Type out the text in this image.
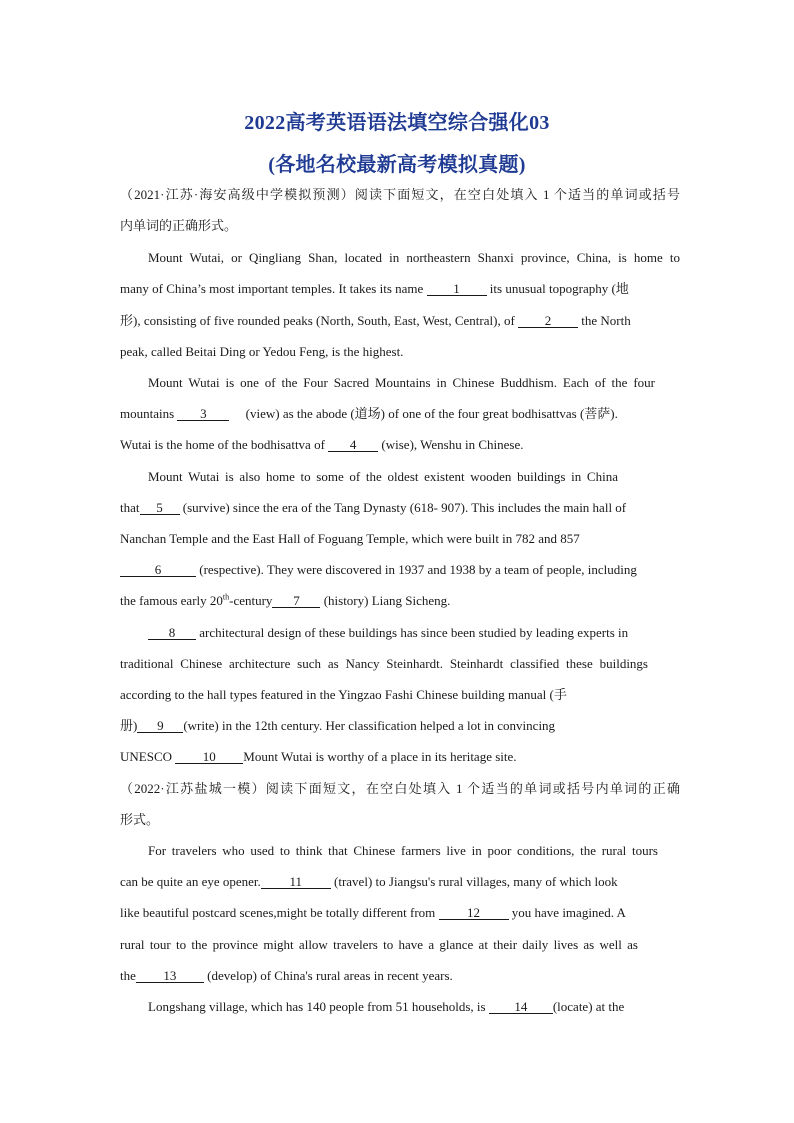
2022高考英语语法填空综合强化03
(各地名校最新高考模拟真题)
（2021·江苏·海安高级中学模拟预测）阅读下面短文，在空白处填入 1 个适当的单词或括号
内单词的正确形式。
Mount Wutai, or Qingliang Shan, located in northeastern Shanxi province, China, is home to
many of China’s most important temples. It takes its name 1 its unusual topography (地
形), consisting of five rounded peaks (North, South, East, West, Central), of 2 the North
peak, called Beitai Ding or Yedou Feng, is the highest.
Mount Wutai is one of the Four Sacred Mountains in Chinese Buddhism. Each of the four
mountains 3     (view) as the abode (道场) of one of the four great bodhisattvas (菩萨).
Wutai is the home of the bodhisattva of 4 (wise), Wenshu in Chinese.
Mount Wutai is also home to some of the oldest existent wooden buildings in China
that 5 (survive) since the era of the Tang Dynasty (618- 907). This includes the main hall of
Nanchan Temple and the East Hall of Foguang Temple, which were built in 782 and 857
6	(respective). They were discovered in 1937 and 1938 by a team of people, including
the famous early 20th-century 7 (history) Liang Sicheng.
8 architectural design of these buildings has since been studied by leading experts in
traditional Chinese architecture such as Nancy Steinhardt. Steinhardt classified these buildings
according to the hall types featured in the Yingzao Fashi Chinese building manual (手
册) 9 (write) in the 12th century. Her classification helped a lot in convincing
UNESCO 10 Mount Wutai is worthy of a place in its heritage site.
（2022·江苏盐城一模）阅读下面短文，在空白处填入 1 个适当的单词或括号内单词的正确
形式。
For travelers who used to think that Chinese farmers live in poor conditions, the rural tours
can be quite an eye opener. 11 (travel) to Jiangsu's rural villages, many of which look
like beautiful postcard scenes,might be totally different from 12 you have imagined. A
rural tour to the province might allow travelers to have a glance at their daily lives as well as
the 13 (develop) of China's rural areas in recent years.
Longshang village, which has 140 people from 51 households, is 14 (locate) at the
